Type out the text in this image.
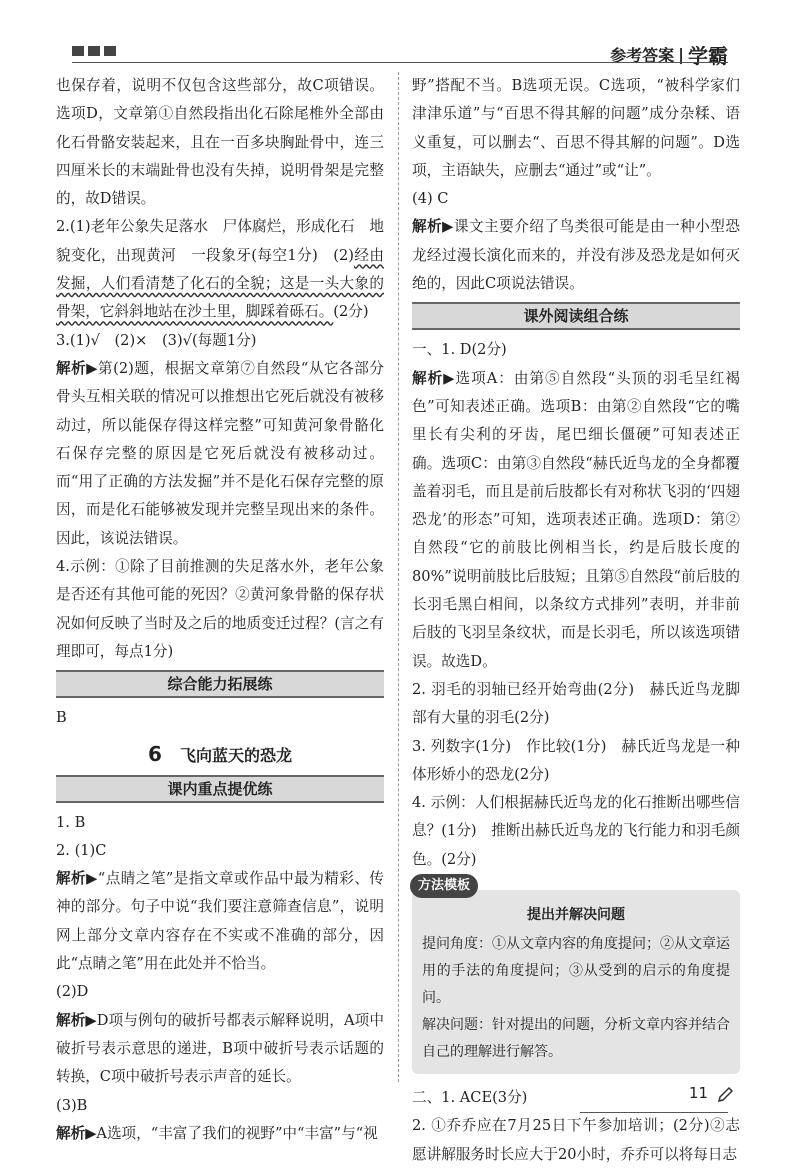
参考答案 | 学霸

也保存着，说明不仅包含这些部分，故C项错误。选项D，文章第①自然段指出化石除尾椎外全部由化石骨骼安装起来，且在一百多块胸趾骨中，连三四厘米长的末端趾骨也没有失掉，说明骨架是完整的，故D错误。

2.(1)老年公象失足落水　尸体腐烂，形成化石　地貌变化，出现黄河　一段象牙(每空1分)　(2)经由发掘，人们看清楚了化石的全貌；这是一头大象的骨架，它斜斜地站在沙土里，脚踩着砾石。(2分)

3.(1)√　(2)×　(3)√(每题1分)

解析▶第(2)题，根据文章第⑦自然段“从它各部分骨头互相关联的情况可以推想出它死后就没有被移动过，所以能保存得这样完整”可知黄河象骨骼化石保存完整的原因是它死后就没有被移动过。而“用了正确的方法发掘”并不是化石保存完整的原因，而是化石能够被发现并完整呈现出来的条件。因此，该说法错误。

4.示例：①除了目前推测的失足落水外，老年公象是否还有其他可能的死因？②黄河象骨骼的保存状况如何反映了当时及之后的地质变迁过程？(言之有理即可，每点1分)

综合能力拓展练

B

6 飞向蓝天的恐龙
课内重点提优练

1. B

2. (1)C

解析▶“点睛之笔”是指文章或作品中最为精彩、传神的部分。句子中说“我们要注意筛查信息”，说明网上部分文章内容存在不实或不准确的部分，因此“点睛之笔”用在此处并不恰当。

(2)D

解析▶D项与例句的破折号都表示解释说明，A项中破折号表示意思的递进，B项中破折号表示话题的转换，C项中破折号表示声音的延长。

(3)B

解析▶A选项，“丰富了我们的视野”中“丰富”与“视

野”搭配不当。B选项无误。C选项，“被科学家们津津乐道”与“百思不得其解的问题”成分杂糅、语义重复，可以删去“、百思不得其解的问题”。D选项，主语缺失，应删去“通过”或“让”。

(4) C

解析▶课文主要介绍了鸟类很可能是由一种小型恐龙经过漫长演化而来的，并没有涉及恐龙是如何灭绝的，因此C项说法错误。

课外阅读组合练

一、1. D(2分)

解析▶选项A：由第⑤自然段“头顶的羽毛呈红褐色”可知表述正确。选项B：由第②自然段“它的嘴里长有尖利的牙齿，尾巴细长僵硬”可知表述正确。选项C：由第③自然段“赫氏近鸟龙的全身都覆盖着羽毛，而且是前后肢都长有对称状飞羽的‘四翅恐龙’的形态”可知，选项表述正确。选项D：第②自然段“它的前肢比例相当长，约是后肢长度的80%”说明前肢比后肢短；且第⑤自然段“前后肢的长羽毛黑白相间，以条纹方式排列”表明，并非前后肢的飞羽呈条纹状，而是长羽毛，所以该选项错误。故选D。

2. 羽毛的羽轴已经开始弯曲(2分)　赫氏近鸟龙脚部有大量的羽毛(2分)

3. 列数字(1分)　作比较(1分)　赫氏近鸟龙是一种体形娇小的恐龙(2分)

4. 示例：人们根据赫氏近鸟龙的化石推断出哪些信息？(1分)　推断出赫氏近鸟龙的飞行能力和羽毛颜色。(2分)

方法模板
提出并解决问题

提问角度：①从文章内容的角度提问；②从文章运用的手法的角度提问；③从受到的启示的角度提问。

解决问题：针对提出的问题，分析文章内容并结合自己的理解进行解答。

二、1. ACE(3分)

2. ①乔乔应在7月25日下午参加培训；(2分)②志愿讲解服务时长应大于20小时，乔乔可以将每日志

11
